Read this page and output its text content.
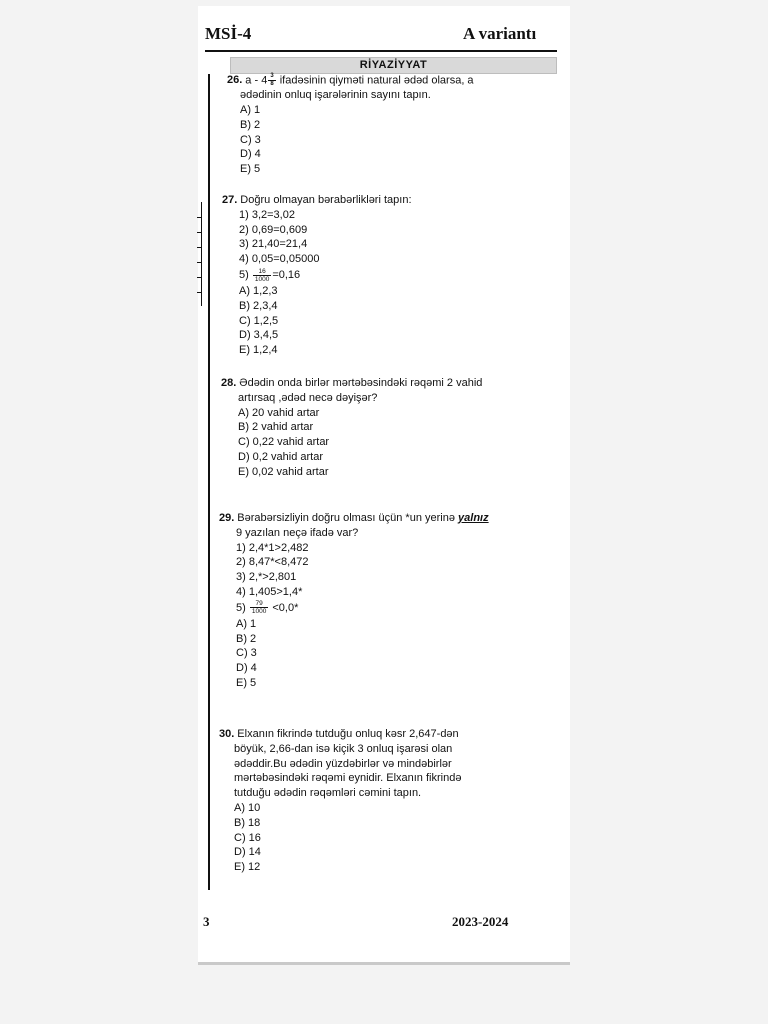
MSİ-4	A variantı
RİYAZİYYAT
26. a - $4 \frac{3}{8}$ ifadəsinin qiyməti natural ədəd olarsa, a
ədədinin onluq işarələrinin sayını tapın.
A) 1
B) 2
C) 3
D) 4
E) 5
27. Doğru olmayan bərabərlikləri tapın:
1) 3,2=3,02
2) 0,69=0,609
3) 21,40=21,4
4) 0,05=0,05000
$5) \frac{16}{1000} =0,16$
A) 1,2,3
B) 2,3,4
C) 1,2,5
D) 3,4,5
E) 1,2,4
28. Ədədin onda birlər mərtəbəsindəki rəqəmi 2 vahid
artırsaq ,ədəd necə dəyişər?
A) 20 vahid artar
B) 2 vahid artar
C) 0,22 vahid artar
D) 0,2 vahid artar
E) 0,02 vahid artar
29. Bərabərsizliyin doğru olması üçün *un yerinə yalnız
9 yazılan neçə ifadə var?
1) 2,4*1>2,482
2) 8,47*<8,472
3) 2,*>2,801
4) 1,405>1,4*
$5) \frac{79}{1000} <0,0*$
A) 1
B) 2
C) 3
D) 4
E) 5
30. Elxanın fikrində tutduğu onluq kəsr 2,647-dən
böyük, 2,66-dan isə kiçik 3 onluq işarəsi olan
ədəddir.Bu ədədin yüzdəbirlər və mindəbirlər
mərtəbəsindəki rəqəmi eynidir. Elxanın fikrində
tutduğu ədədin rəqəmləri cəmini tapın.
A) 10
B) 18
C) 16
D) 14
E) 12
3	2023-2024
